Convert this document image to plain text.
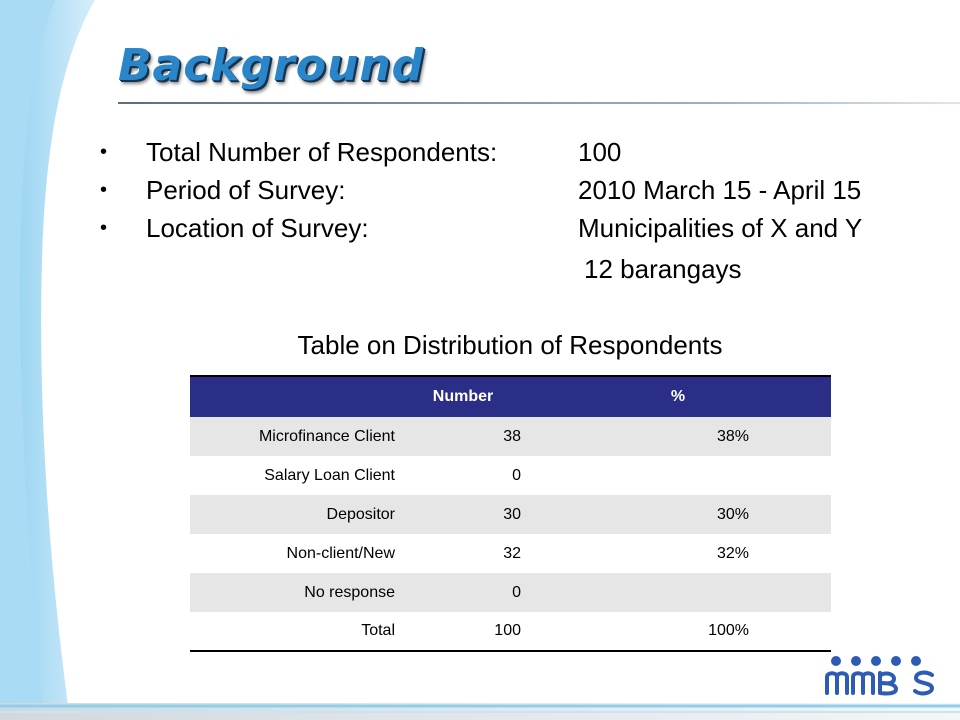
Background
• Total Number of Respondents:	100
• Period of Survey:	2010 March 15 - April 15
• Location of Survey:	Municipalities of X and Y
12 barangays
Table on Distribution of Respondents
	Number	%
Microfinance Client	38	38%
Salary Loan Client	0	
Depositor	30	30%
Non-client/New	32	32%
No response	0	
Total	100	100%
